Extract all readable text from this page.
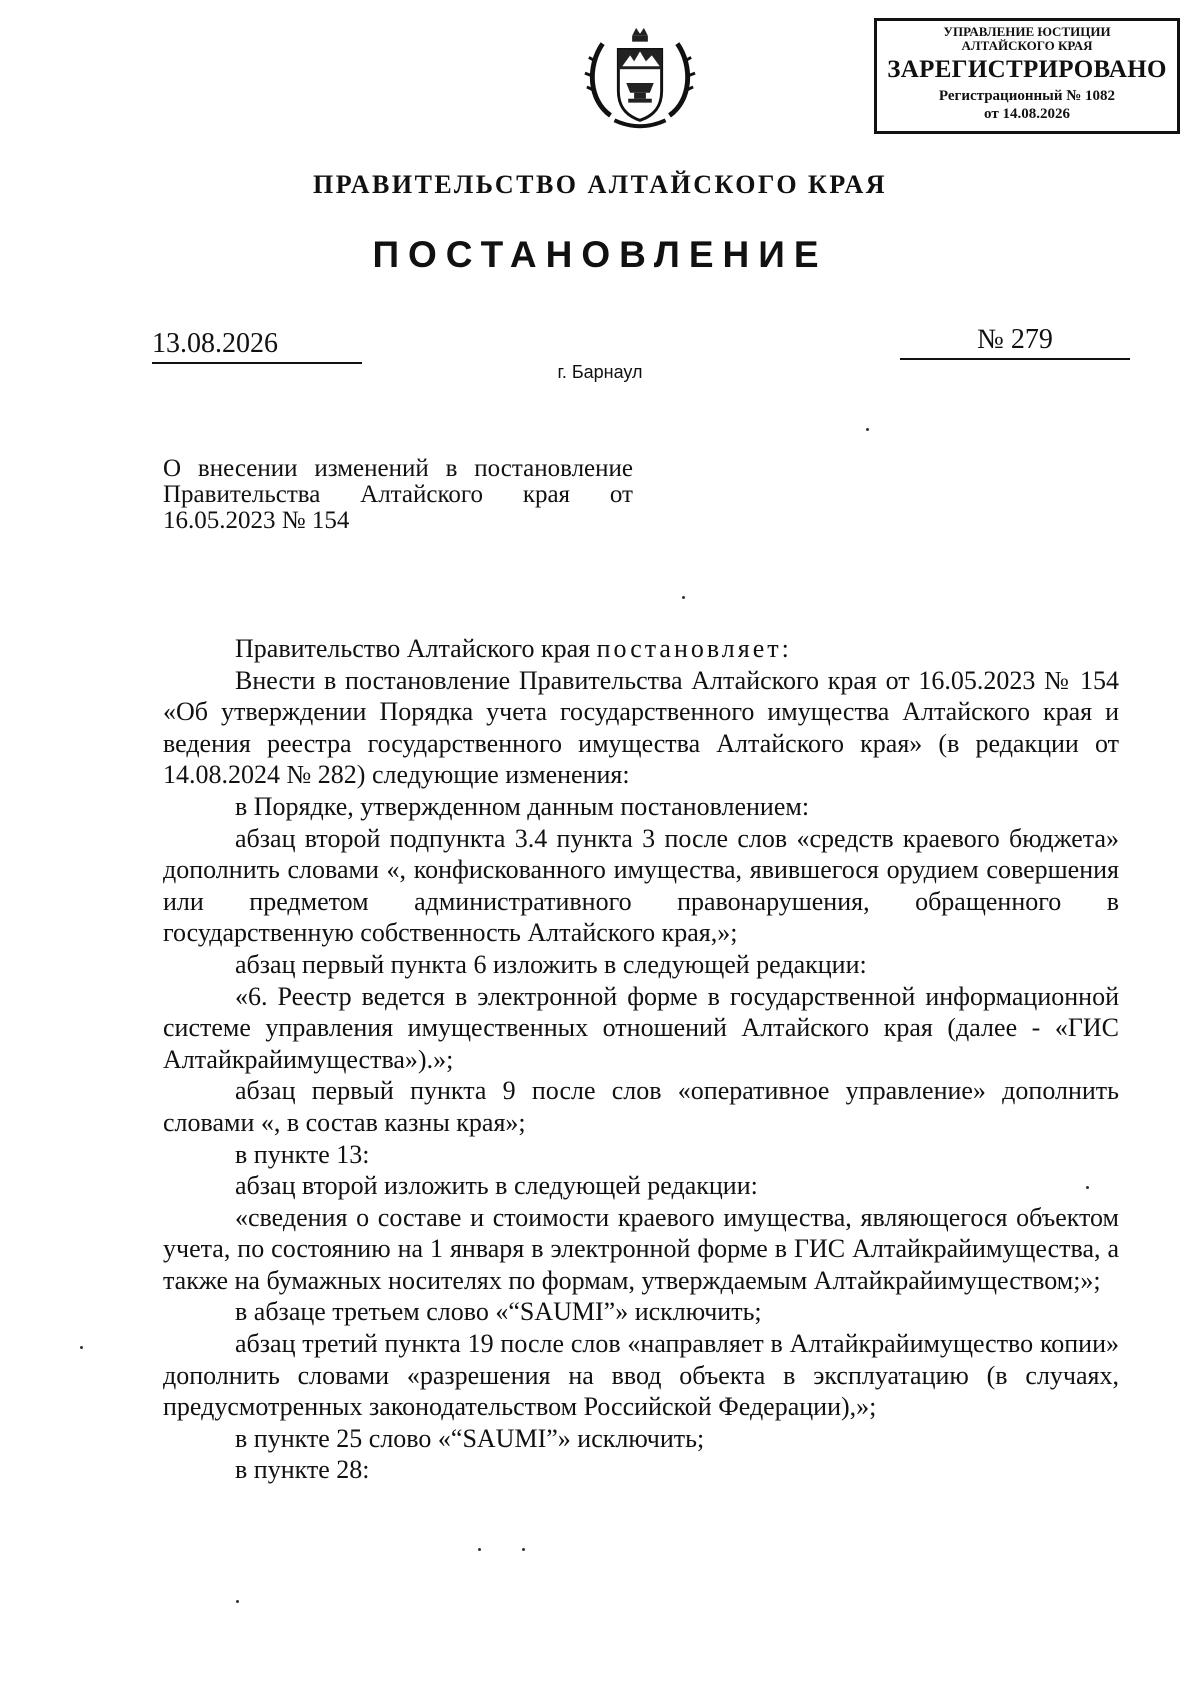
УПРАВЛЕНИЕ ЮСТИЦИИ
АЛТАЙСКОГО КРАЯ
ЗАРЕГИСТРИРОВАНО
Регистрационный № 1082
от 14.08.2026
ПРАВИТЕЛЬСТВО АЛТАЙСКОГО КРАЯ
ПОСТАНОВЛЕНИЕ
13.08.2026	№ 279
г. Барнаул
О внесении изменений в постановление Правительства Алтайского края от 16.05.2023 № 154

Правительство Алтайского края постановляет:

Внести в постановление Правительства Алтайского края от 16.05.2023 № 154 «Об утверждении Порядка учета государственного имущества Алтайского края и ведения реестра государственного имущества Алтайского края» (в редакции от 14.08.2024 № 282) следующие изменения:

в Порядке, утвержденном данным постановлением:

абзац второй подпункта 3.4 пункта 3 после слов «средств краевого бюджета» дополнить словами «, конфискованного имущества, явившегося орудием совершения или предметом административного правонарушения, обращенного в государственную собственность Алтайского края,»;

абзац первый пункта 6 изложить в следующей редакции:

«6. Реестр ведется в электронной форме в государственной информационной системе управления имущественных отношений Алтайского края (далее - «ГИС Алтайкрайимущества»).»;

абзац первый пункта 9 после слов «оперативное управление» дополнить словами «, в состав казны края»;

в пункте 13:

абзац второй изложить в следующей редакции:

«сведения о составе и стоимости краевого имущества, являющегося объектом учета, по состоянию на 1 января в электронной форме в ГИС Алтайкрайимущества, а также на бумажных носителях по формам, утверждаемым Алтайкрайимуществом;»;

в абзаце третьем слово «“SAUMI”» исключить;

абзац третий пункта 19 после слов «направляет в Алтайкрайимущество копии» дополнить словами «разрешения на ввод объекта в эксплуатацию (в случаях, предусмотренных законодательством Российской Федерации),»;

в пункте 25 слово «“SAUMI”» исключить;

в пункте 28:
